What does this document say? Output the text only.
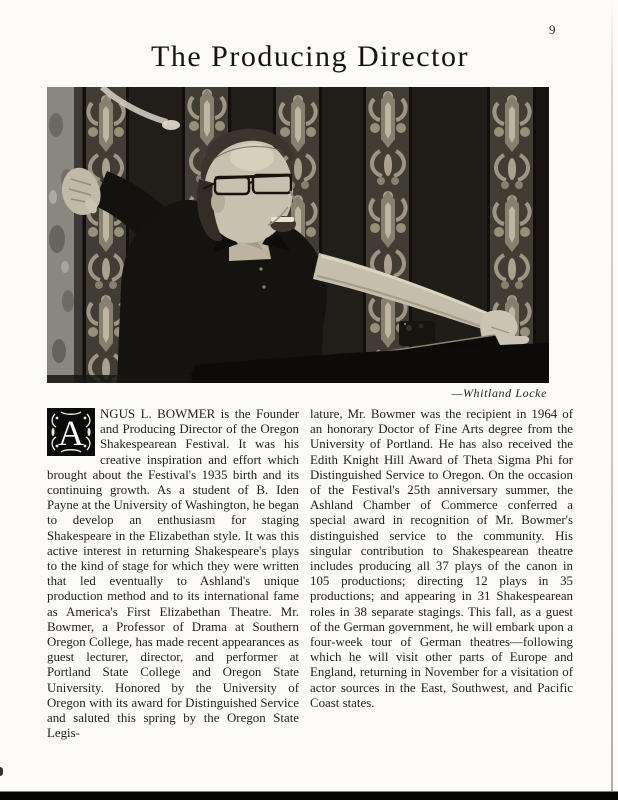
9
The Producing Director
—Whitland Locke
A NGUS L. BOWMER is the Founder and Producing Director of the Oregon Shakespearean Festival. It was his creative inspiration and effort which brought about the Festival's 1935 birth and its continuing growth. As a student of B. Iden Payne at the University of Washington, he began to develop an enthusiasm for staging Shakespeare in the Elizabethan style. It was this active interest in returning Shakespeare's plays to the kind of stage for which they were written that led eventually to Ashland's unique production method and to its international fame as America's First Elizabethan Theatre. Mr. Bowmer, a Professor of Drama at Southern Oregon College, has made recent appearances as guest lecturer, director, and performer at Portland State College and Oregon State University. Honored by the University of Oregon with its award for Distinguished Service and saluted this spring by the Oregon State Legis-
lature, Mr. Bowmer was the recipient in 1964 of an honorary Doctor of Fine Arts degree from the University of Portland. He has also received the Edith Knight Hill Award of Theta Sigma Phi for Distinguished Service to Oregon. On the occasion of the Festival's 25th anniversary summer, the Ashland Chamber of Commerce conferred a special award in recognition of Mr. Bowmer's distinguished service to the community. His singular contribution to Shakespearean theatre includes producing all 37 plays of the canon in 105 productions; directing 12 plays in 35 productions; and appearing in 31 Shakespearean roles in 38 separate stagings. This fall, as a guest of the German government, he will embark upon a four-week tour of German theatres—following which he will visit other parts of Europe and England, returning in November for a visitation of actor sources in the East, Southwest, and Pacific Coast states.
